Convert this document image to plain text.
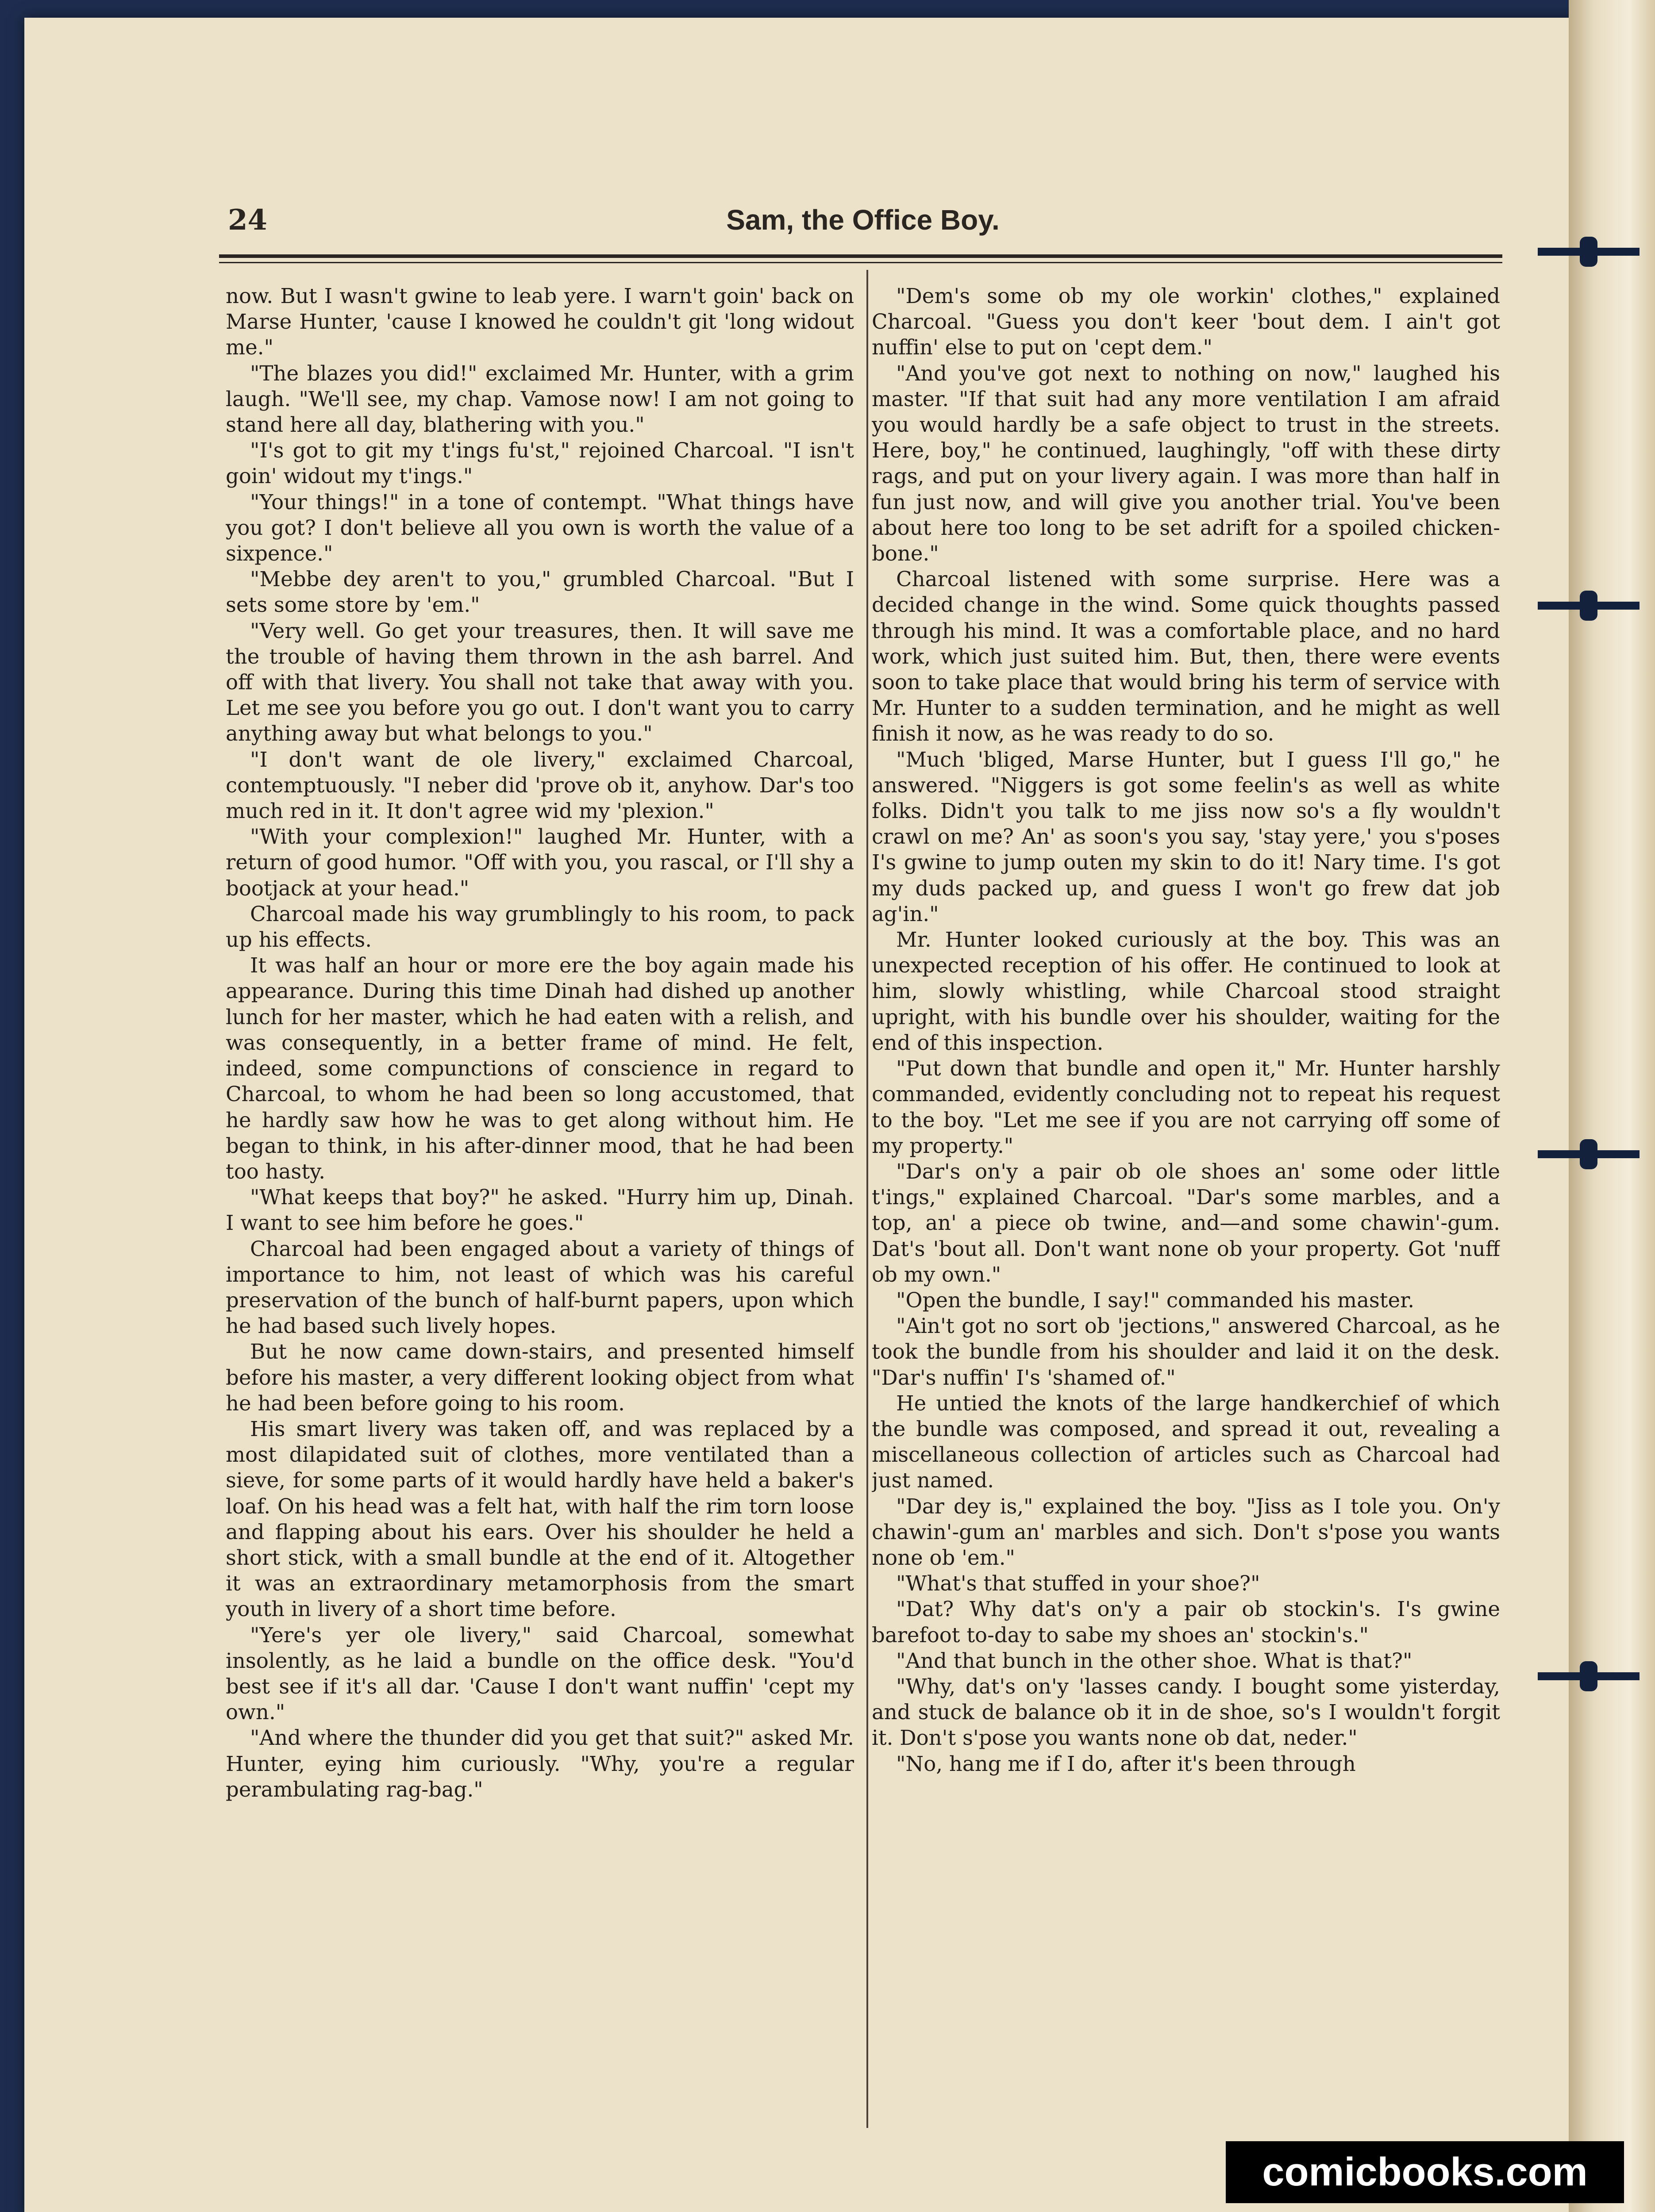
24	Sam, the Office Boy.

now. But I wasn't gwine to leab yere. I warn't goin' back on Marse Hunter, 'cause I knowed he couldn't git 'long widout me."

"The blazes you did!" exclaimed Mr. Hunter, with a grim laugh. "We'll see, my chap. Vamose now! I am not going to stand here all day, blathering with you."

"I's got to git my t'ings fu'st," rejoined Charcoal. "I isn't goin' widout my t'ings."

"Your things!" in a tone of contempt. "What things have you got? I don't believe all you own is worth the value of a sixpence."

"Mebbe dey aren't to you," grumbled Charcoal. "But I sets some store by 'em."

"Very well. Go get your treasures, then. It will save me the trouble of having them thrown in the ash barrel. And off with that livery. You shall not take that away with you. Let me see you before you go out. I don't want you to carry anything away but what belongs to you."

"I don't want de ole livery," exclaimed Charcoal, contemptuously. "I neber did 'prove ob it, anyhow. Dar's too much red in it. It don't agree wid my 'plexion."

"With your complexion!" laughed Mr. Hunter, with a return of good humor. "Off with you, you rascal, or I'll shy a bootjack at your head."

Charcoal made his way grumblingly to his room, to pack up his effects.

It was half an hour or more ere the boy again made his appearance. During this time Dinah had dished up another lunch for her master, which he had eaten with a relish, and was consequently, in a better frame of mind. He felt, indeed, some compunctions of conscience in regard to Charcoal, to whom he had been so long accustomed, that he hardly saw how he was to get along without him. He began to think, in his after-dinner mood, that he had been too hasty.

"What keeps that boy?" he asked. "Hurry him up, Dinah. I want to see him before he goes."

Charcoal had been engaged about a variety of things of importance to him, not least of which was his careful preservation of the bunch of half-burnt papers, upon which he had based such lively hopes.

But he now came down-stairs, and presented himself before his master, a very different looking object from what he had been before going to his room.

His smart livery was taken off, and was replaced by a most dilapidated suit of clothes, more ventilated than a sieve, for some parts of it would hardly have held a baker's loaf. On his head was a felt hat, with half the rim torn loose and flapping about his ears. Over his shoulder he held a short stick, with a small bundle at the end of it. Altogether it was an extraordinary metamorphosis from the smart youth in livery of a short time before.

"Yere's yer ole livery," said Charcoal, somewhat insolently, as he laid a bundle on the office desk. "You'd best see if it's all dar. 'Cause I don't want nuffin' 'cept my own."

"And where the thunder did you get that suit?" asked Mr. Hunter, eying him curiously. "Why, you're a regular perambulating rag-bag."

"Dem's some ob my ole workin' clothes," explained Charcoal. "Guess you don't keer 'bout dem. I ain't got nuffin' else to put on 'cept dem."

"And you've got next to nothing on now," laughed his master. "If that suit had any more ventilation I am afraid you would hardly be a safe object to trust in the streets. Here, boy," he continued, laughingly, "off with these dirty rags, and put on your livery again. I was more than half in fun just now, and will give you another trial. You've been about here too long to be set adrift for a spoiled chicken-bone."

Charcoal listened with some surprise. Here was a decided change in the wind. Some quick thoughts passed through his mind. It was a comfortable place, and no hard work, which just suited him. But, then, there were events soon to take place that would bring his term of service with Mr. Hunter to a sudden termination, and he might as well finish it now, as he was ready to do so.

"Much 'bliged, Marse Hunter, but I guess I'll go," he answered. "Niggers is got some feelin's as well as white folks. Didn't you talk to me jiss now so's a fly wouldn't crawl on me? An' as soon's you say, 'stay yere,' you s'poses I's gwine to jump outen my skin to do it! Nary time. I's got my duds packed up, and guess I won't go frew dat job ag'in."

Mr. Hunter looked curiously at the boy. This was an unexpected reception of his offer. He continued to look at him, slowly whistling, while Charcoal stood straight upright, with his bundle over his shoulder, waiting for the end of this inspection.

"Put down that bundle and open it," Mr. Hunter harshly commanded, evidently concluding not to repeat his request to the boy. "Let me see if you are not carrying off some of my property."

"Dar's on'y a pair ob ole shoes an' some oder little t'ings," explained Charcoal. "Dar's some marbles, and a top, an' a piece ob twine, and—and some chawin'-gum. Dat's 'bout all. Don't want none ob your property. Got 'nuff ob my own."

"Open the bundle, I say!" commanded his master.

"Ain't got no sort ob 'jections," answered Charcoal, as he took the bundle from his shoulder and laid it on the desk. "Dar's nuffin' I's 'shamed of."

He untied the knots of the large handkerchief of which the bundle was composed, and spread it out, revealing a miscellaneous collection of articles such as Charcoal had just named.

"Dar dey is," explained the boy. "Jiss as I tole you. On'y chawin'-gum an' marbles and sich. Don't s'pose you wants none ob 'em."

"What's that stuffed in your shoe?"

"Dat? Why dat's on'y a pair ob stockin's. I's gwine barefoot to-day to sabe my shoes an' stockin's."

"And that bunch in the other shoe. What is that?"

"Why, dat's on'y 'lasses candy. I bought some yisterday, and stuck de balance ob it in de shoe, so's I wouldn't forgit it. Don't s'pose you wants none ob dat, neder."

"No, hang me if I do, after it's been through

comicbooks.com
